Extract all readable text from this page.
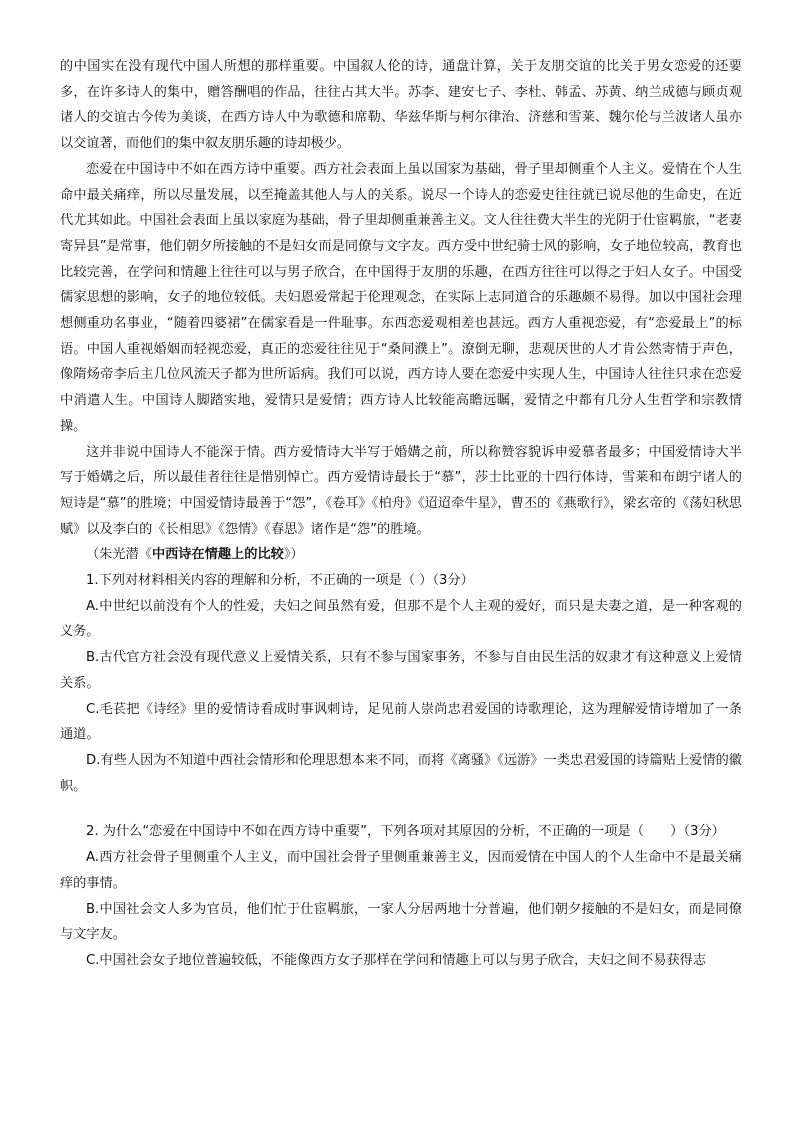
的中国实在没有现代中国人所想的那样重要。中国叙人伦的诗，通盘计算，关于友朋交谊的比关于男女恋爱的还要多，在许多诗人的集中，赠答酬唱的作品，往往占其大半。苏李、建安七子、李杜、韩孟、苏黄、纳兰成德与顾贞观诸人的交谊古今传为美谈，在西方诗人中为歌德和席勒、华兹华斯与柯尔律治、济慈和雪莱、魏尔伦与兰波诸人虽亦以交谊著，而他们的集中叙友朋乐趣的诗却极少。

恋爱在中国诗中不如在西方诗中重要。西方社会表面上虽以国家为基础，骨子里却侧重个人主义。爱情在个人生命中最关痛痒，所以尽量发展，以至掩盖其他人与人的关系。说尽一个诗人的恋爱史往往就已说尽他的生命史，在近代尤其如此。中国社会表面上虽以家庭为基础，骨子里却侧重兼善主义。文人往往费大半生的光阴于仕宦羁旅，“老妻寄异县”是常事，他们朝夕所接触的不是妇女而是同僚与文字友。西方受中世纪骑士风的影响，女子地位较高，教育也比较完善，在学问和情趣上往往可以与男子欣合，在中国得于友朋的乐趣，在西方往往可以得之于妇人女子。中国受儒家思想的影响，女子的地位较低。夫妇恩爱常起于伦理观念，在实际上志同道合的乐趣颇不易得。加以中国社会理想侧重功名事业，“随着四婆裙”在儒家看是一件耻事。东西恋爱观相差也甚远。西方人重视恋爱，有“恋爱最上”的标语。中国人重视婚姻而轻视恋爱，真正的恋爱往往见于“桑间濮上”。潦倒无聊，悲观厌世的人才肯公然寄情于声色，像隋炀帝李后主几位风流天子都为世所诟病。我们可以说，西方诗人要在恋爱中实现人生，中国诗人往往只求在恋爱中消遣人生。中国诗人脚踏实地，爱情只是爱情；西方诗人比较能高瞻远瞩，爱情之中都有几分人生哲学和宗教情操。

这并非说中国诗人不能深于情。西方爱情诗大半写于婚媾之前，所以称赞容貌诉申爱慕者最多；中国爱情诗大半写于婚媾之后，所以最佳者往往是惜别悼亡。西方爱情诗最长于“慕”，莎士比亚的十四行体诗，雪莱和布朗宁诸人的短诗是“慕”的胜境；中国爱情诗最善于“怨”，《卷耳》《柏舟》《迢迢牵牛星》，曹丕的《燕歌行》，梁玄帝的《荡妇秋思赋》以及李白的《长相思》《怨情》《春思》诸作是“怨”的胜境。

（朱光潜《中西诗在情趣上的比较》）

1.下列对材料相关内容的理解和分析，不正确的一项是（ ）（3分）

A.中世纪以前没有个人的性爱，夫妇之间虽然有爱，但那不是个人主观的爱好，而只是夫妻之道，是一种客观的义务。

B.古代官方社会没有现代意义上爱情关系，只有不参与国家事务，不参与自由民生活的奴隶才有这种意义上爱情关系。

C.毛苌把《诗经》里的爱情诗看成时事讽刺诗，足见前人崇尚忠君爱国的诗歌理论，这为理解爱情诗增加了一条通道。

D.有些人因为不知道中西社会情形和伦理思想本来不同，而将《离骚》《远游》一类忠君爱国的诗篇贴上爱情的徽帜。

2. 为什么“恋爱在中国诗中不如在西方诗中重要”，下列各项对其原因的分析，不正确的一项是（　　）（3分）

A.西方社会骨子里侧重个人主义，而中国社会骨子里侧重兼善主义，因而爱情在中国人的个人生命中不是最关痛痒的事情。

B.中国社会文人多为官员，他们忙于仕宦羁旅，一家人分居两地十分普遍，他们朝夕接触的不是妇女，而是同僚与文字友。

C.中国社会女子地位普遍较低，不能像西方女子那样在学问和情趣上可以与男子欣合，夫妇之间不易获得志
